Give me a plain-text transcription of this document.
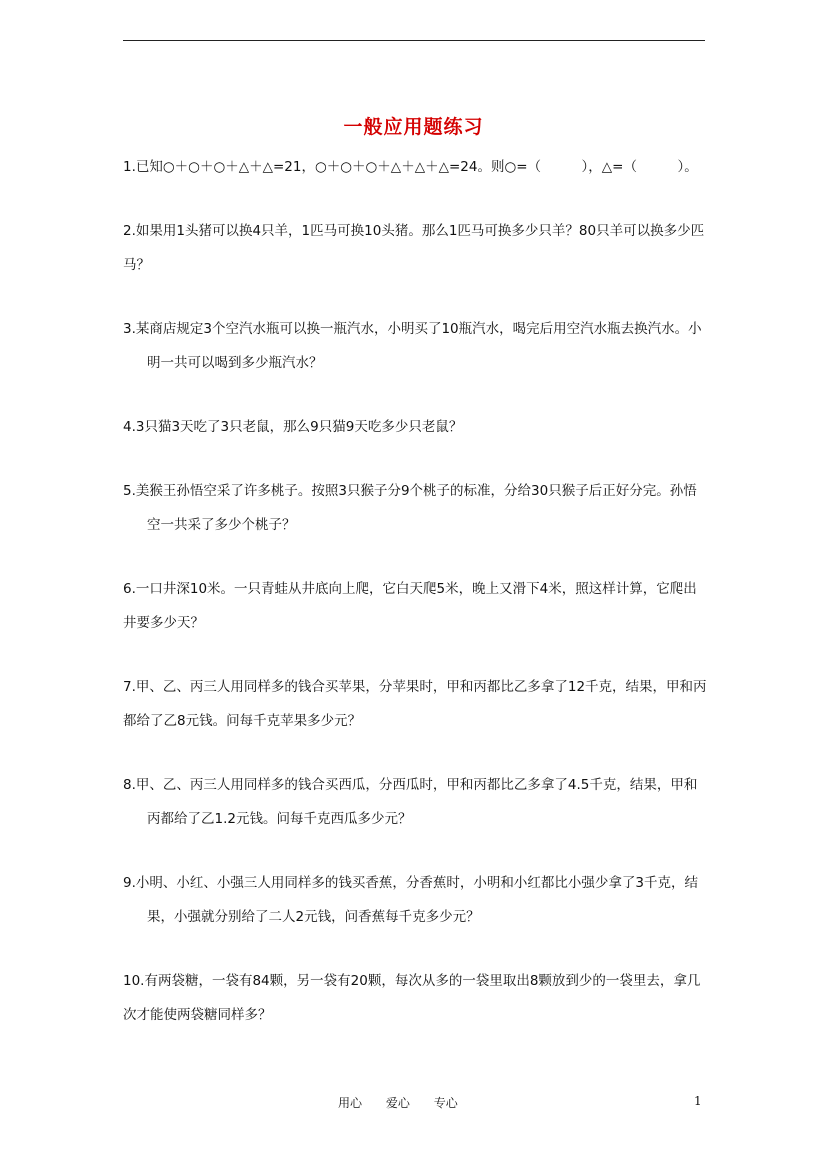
一般应用题练习
1.已知○＋○＋○＋△＋△=21，○＋○＋○＋△＋△＋△=24。则○=（　　　），△=（　　　）。
2.如果用1头猪可以换4只羊，1匹马可换10头猪。那么1匹马可换多少只羊？80只羊可以换多少匹马？
3.某商店规定3个空汽水瓶可以换一瓶汽水，小明买了10瓶汽水，喝完后用空汽水瓶去换汽水。小明一共可以喝到多少瓶汽水？
4.3只猫3天吃了3只老鼠，那么9只猫9天吃多少只老鼠？
5.美猴王孙悟空采了许多桃子。按照3只猴子分9个桃子的标准，分给30只猴子后正好分完。孙悟空一共采了多少个桃子？
6.一口井深10米。一只青蛙从井底向上爬，它白天爬5米，晚上又滑下4米，照这样计算，它爬出井要多少天？
7.甲、乙、丙三人用同样多的钱合买苹果，分苹果时，甲和丙都比乙多拿了12千克，结果，甲和丙都给了乙8元钱。问每千克苹果多少元？
8.甲、乙、丙三人用同样多的钱合买西瓜，分西瓜时，甲和丙都比乙多拿了4.5千克，结果，甲和丙都给了乙1.2元钱。问每千克西瓜多少元？
9.小明、小红、小强三人用同样多的钱买香蕉，分香蕉时，小明和小红都比小强少拿了3千克，结果，小强就分别给了二人2元钱，问香蕉每千克多少元？
10.有两袋糖，一袋有84颗，另一袋有20颗，每次从多的一袋里取出8颗放到少的一袋里去，拿几次才能使两袋糖同样多？
用心 爱心 专心	1
